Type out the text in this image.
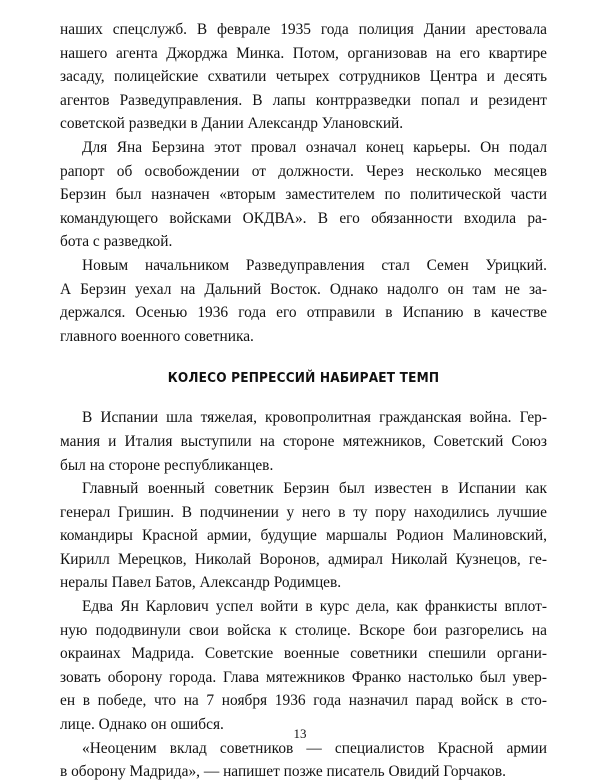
наших спецслужб. В феврале 1935 года полиция Дании арестовала
нашего агента Джорджа Минка. Потом, организовав на его квартире
засаду, полицейские схватили четырех сотрудников Центра и десять
агентов Разведуправления. В лапы контрразведки попал и резидент
советской разведки в Дании Александр Улановский.
Для Яна Берзина этот провал означал конец карьеры. Он подал
рапорт об освобождении от должности. Через несколько месяцев
Берзин был назначен «вторым заместителем по политической части
командующего войсками ОКДВА». В его обязанности входила ра-
бота с разведкой.
Новым начальником Разведуправления стал Семен Урицкий.
А Берзин уехал на Дальний Восток. Однако надолго он там не за-
держался. Осенью 1936 года его отправили в Испанию в качестве
главного военного советника.
КОЛЕСО РЕПРЕССИЙ НАБИРАЕТ ТЕМП
В Испании шла тяжелая, кровопролитная гражданская война. Гер-
мания и Италия выступили на стороне мятежников, Советский Союз
был на стороне республиканцев.
Главный военный советник Берзин был известен в Испании как
генерал Гришин. В подчинении у него в ту пору находились лучшие
командиры Красной армии, будущие маршалы Родион Малиновский,
Кирилл Мерецков, Николай Воронов, адмирал Николай Кузнецов, ге-
нералы Павел Батов, Александр Родимцев.
Едва Ян Карлович успел войти в курс дела, как франкисты вплот-
ную пододвинули свои войска к столице. Вскоре бои разгорелись на
окраинах Мадрида. Советские военные советники спешили органи-
зовать оборону города. Глава мятежников Франко настолько был увер-
ен в победе, что на 7 ноября 1936 года назначил парад войск в сто-
лице. Однако он ошибся.
«Неоценим вклад советников — специалистов Красной армии
в оборону Мадрида», — напишет позже писатель Овидий Горчаков.
13
